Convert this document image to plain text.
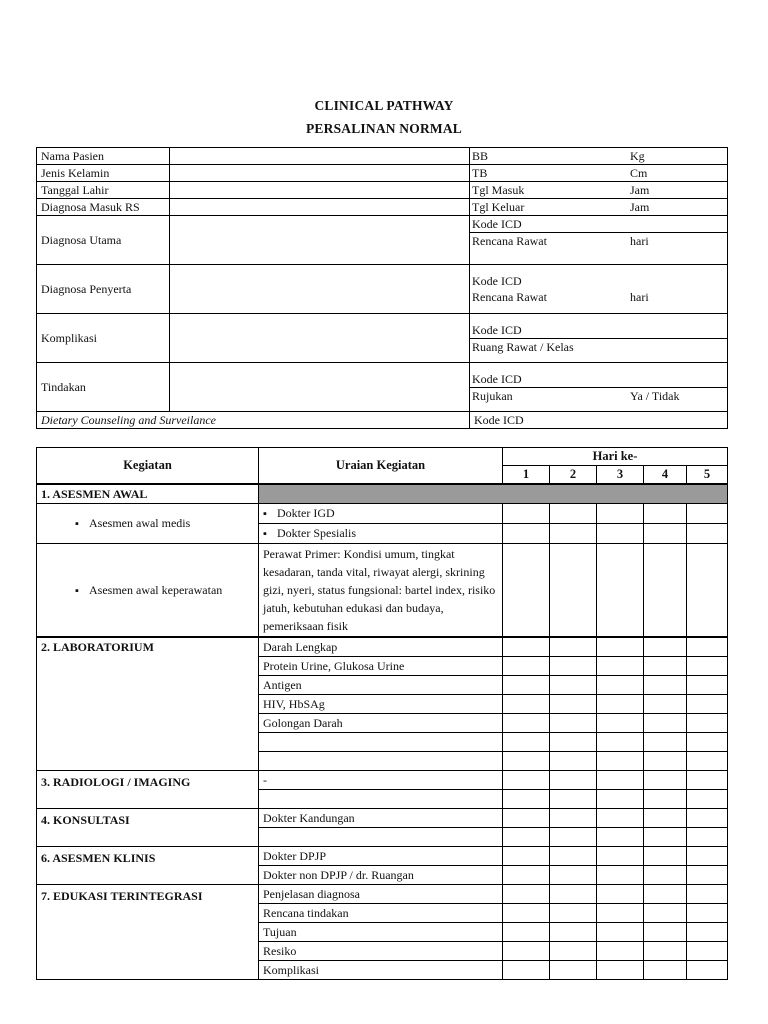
CLINICAL PATHWAY
PERSALINAN NORMAL
Nama Pasien		BB Kg

Jenis Kelamin		TB Cm

Tanggal Lahir		Tgl Masuk Jam

Diagnosa Masuk RS		Tgl Keluar Jam

Diagnosa Utama		Kode ICD
Rencana Rawat hari

Diagnosa Penyerta		Kode ICD
Rencana Rawat hari

Komplikasi		Kode ICD
Ruang Rawat / Kelas

Tindakan		Kode ICD
Rujukan Ya / Tidak

Dietary Counseling and Surveilance		Kode ICD
Kegiatan	Uraian Kegiatan	Hari ke-				
		1	2	3	4	5
1. ASESMEN AWAL						
▪ Asesmen awal medis	▪ Dokter IGD					
▪ Dokter Spesialis					
▪ Asesmen awal keperawatan	Perawat Primer: Kondisi umum, tingkat kesadaran, tanda vital, riwayat alergi, skrining gizi, nyeri, status fungsional: bartel index, risiko jatuh, kebutuhan edukasi dan budaya, pemeriksaan fisik					
2. LABORATORIUM	Darah Lengkap					
	Protein Urine, Glukosa Urine					
	Antigen					
	HIV, HbSAg					
	Golongan Darah					

3. RADIOLOGI / IMAGING	-					

4. KONSULTASI	Dokter Kandungan					

6. ASESMEN KLINIS	Dokter DPJP					
	Dokter non DPJP / dr. Ruangan					
7. EDUKASI TERINTEGRASI	Penjelasan diagnosa					
	Rencana tindakan					
	Tujuan					
	Resiko					
	Komplikasi					
